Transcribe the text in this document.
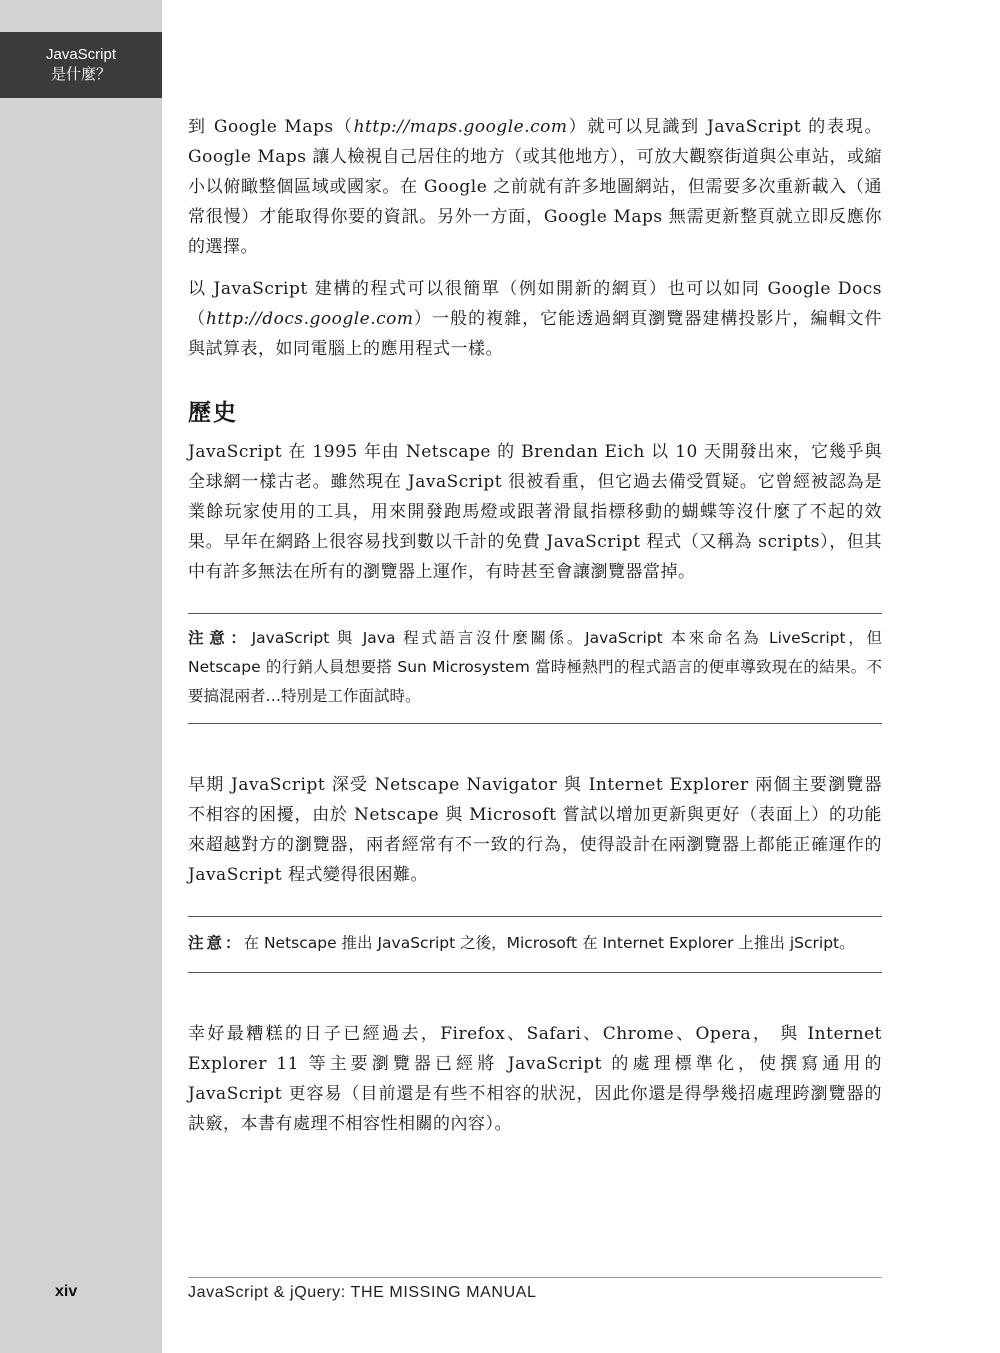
JavaScript
是什麼？
xiv

到 Google Maps（http://maps.google.com）就可以見識到 JavaScript 的表現。Google Maps 讓人檢視自己居住的地方（或其他地方），可放大觀察街道與公車站，或縮小以俯瞰整個區域或國家。在 Google 之前就有許多地圖網站，但需要多次重新載入（通常很慢）才能取得你要的資訊。另外一方面，Google Maps 無需更新整頁就立即反應你的選擇。

以 JavaScript 建構的程式可以很簡單（例如開新的網頁）也可以如同 Google Docs（http://docs.google.com）一般的複雜，它能透過網頁瀏覽器建構投影片，編輯文件與試算表，如同電腦上的應用程式一樣。

歷史

JavaScript 在 1995 年由 Netscape 的 Brendan Eich 以 10 天開發出來，它幾乎與全球網一樣古老。雖然現在 JavaScript 很被看重，但它過去備受質疑。它曾經被認為是業餘玩家使用的工具，用來開發跑馬燈或跟著滑鼠指標移動的蝴蝶等沒什麼了不起的效果。早年在網路上很容易找到數以千計的免費 JavaScript 程式（又稱為 scripts），但其中有許多無法在所有的瀏覽器上運作，有時甚至會讓瀏覽器當掉。

注意：JavaScript 與 Java 程式語言沒什麼關係。JavaScript 本來命名為 LiveScript，但 Netscape 的行銷人員想要搭 Sun Microsystem 當時極熱門的程式語言的便車導致現在的結果。不要搞混兩者…特別是工作面試時。

早期 JavaScript 深受 Netscape Navigator 與 Internet Explorer 兩個主要瀏覽器不相容的困擾，由於 Netscape 與 Microsoft 嘗試以增加更新與更好（表面上）的功能來超越對方的瀏覽器，兩者經常有不一致的行為，使得設計在兩瀏覽器上都能正確運作的 JavaScript 程式變得很困難。

注意：在 Netscape 推出 JavaScript 之後，Microsoft 在 Internet Explorer 上推出 jScript。

幸好最糟糕的日子已經過去，Firefox、Safari、Chrome、Opera， 與 Internet Explorer 11 等主要瀏覽器已經將 JavaScript 的處理標準化，使撰寫通用的 JavaScript 更容易（目前還是有些不相容的狀況，因此你還是得學幾招處理跨瀏覽器的訣竅，本書有處理不相容性相關的內容）。

JavaScript & jQuery: THE MISSING MANUAL
